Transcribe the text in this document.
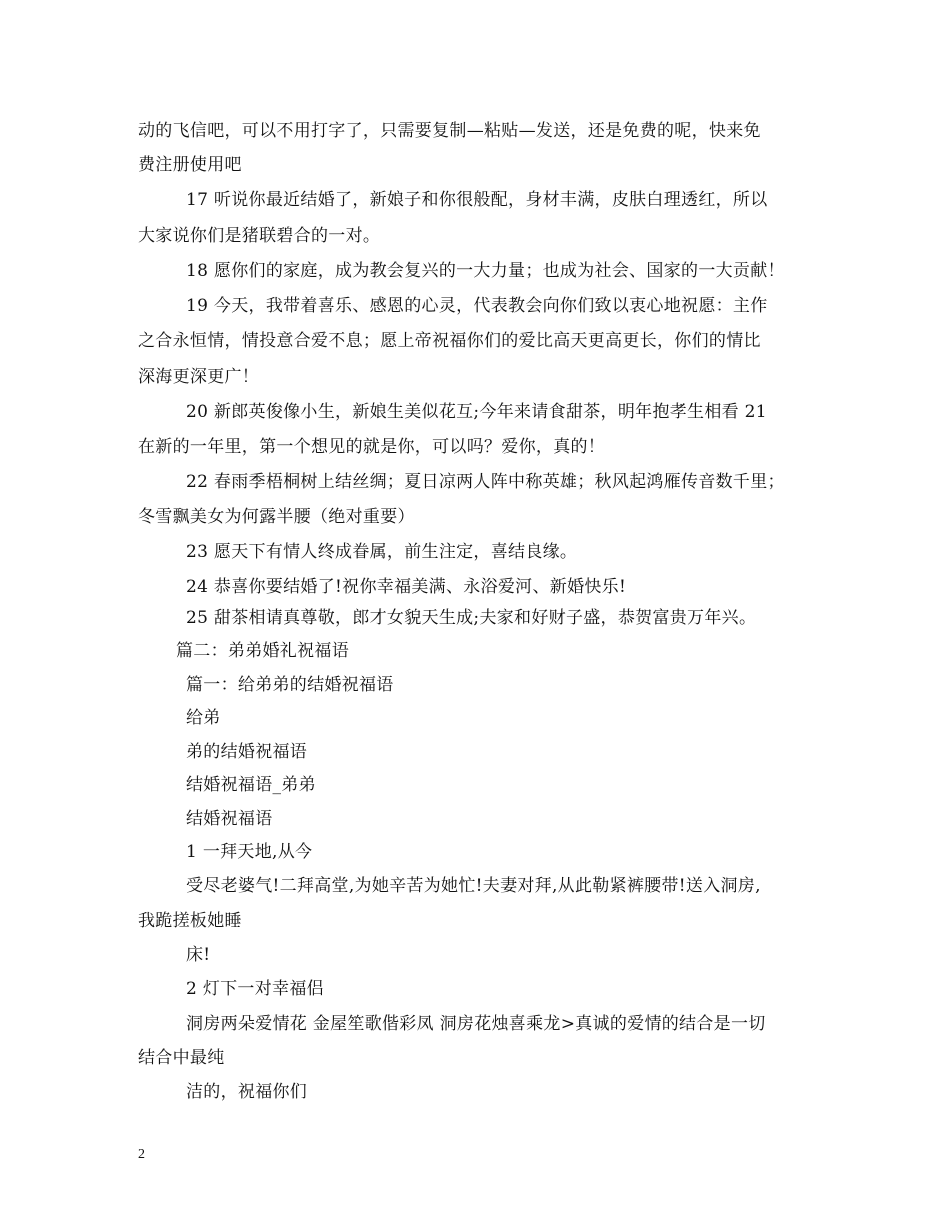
动的飞信吧，可以不用打字了，只需要复制—粘贴—发送，还是免费的呢，快来免
费注册使用吧
17 听说你最近结婚了，新娘子和你很般配，身材丰满，皮肤白理透红，所以
大家说你们是猪联碧合的一对。
18 愿你们的家庭，成为教会复兴的一大力量；也成为社会、国家的一大贡献！
19 今天，我带着喜乐、感恩的心灵，代表教会向你们致以衷心地祝愿：主作
之合永恒情，情投意合爱不息；愿上帝祝福你们的爱比高天更高更长，你们的情比
深海更深更广！
20 新郎英俊像小生，新娘生美似花互;今年来请食甜茶，明年抱孝生相看 21
在新的一年里，第一个想见的就是你，可以吗？爱你，真的！
22 春雨季梧桐树上结丝绸；夏日凉两人阵中称英雄；秋风起鸿雁传音数千里；
冬雪飘美女为何露半腰（绝对重要）
23 愿天下有情人终成眷属，前生注定，喜结良缘。
24 恭喜你要结婚了!祝你幸福美满、永浴爱河、新婚快乐!
25 甜茶相请真尊敬，郎才女貌天生成;夫家和好财子盛，恭贺富贵万年兴。
篇二：弟弟婚礼祝福语
篇一：给弟弟的结婚祝福语
给弟
弟的结婚祝福语
结婚祝福语_弟弟
结婚祝福语
1 一拜天地,从今
受尽老婆气!二拜高堂,为她辛苦为她忙!夫妻对拜,从此勒紧裤腰带!送入洞房,
我跪搓板她睡
床!
2 灯下一对幸福侣
洞房两朵爱情花 金屋笙歌偕彩凤 洞房花烛喜乘龙>真诚的爱情的结合是一切
结合中最纯
洁的，祝福你们
2
